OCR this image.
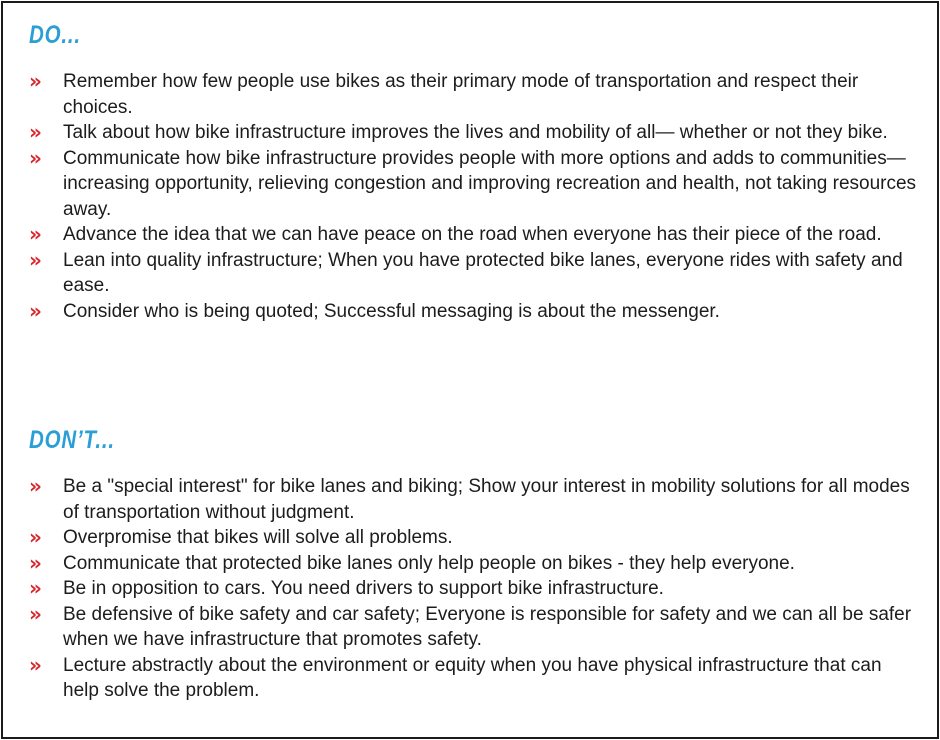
DO...
» Remember how few people use bikes as their primary mode of transportation and respect their choices.
» Talk about how bike infrastructure improves the lives and mobility of all— whether or not they bike.
» Communicate how bike infrastructure provides people with more options and adds to communities—increasing opportunity, relieving congestion and improving recreation and health, not taking resources away.
» Advance the idea that we can have peace on the road when everyone has their piece of the road.
» Lean into quality infrastructure; When you have protected bike lanes, everyone rides with safety and ease.
» Consider who is being quoted; Successful messaging is about the messenger.
DON’T...
» Be a "special interest" for bike lanes and biking; Show your interest in mobility solutions for all modes of transportation without judgment.
» Overpromise that bikes will solve all problems.
» Communicate that protected bike lanes only help people on bikes - they help everyone.
» Be in opposition to cars. You need drivers to support bike infrastructure.
» Be defensive of bike safety and car safety; Everyone is responsible for safety and we can all be safer when we have infrastructure that promotes safety.
» Lecture abstractly about the environment or equity when you have physical infrastructure that can help solve the problem.
